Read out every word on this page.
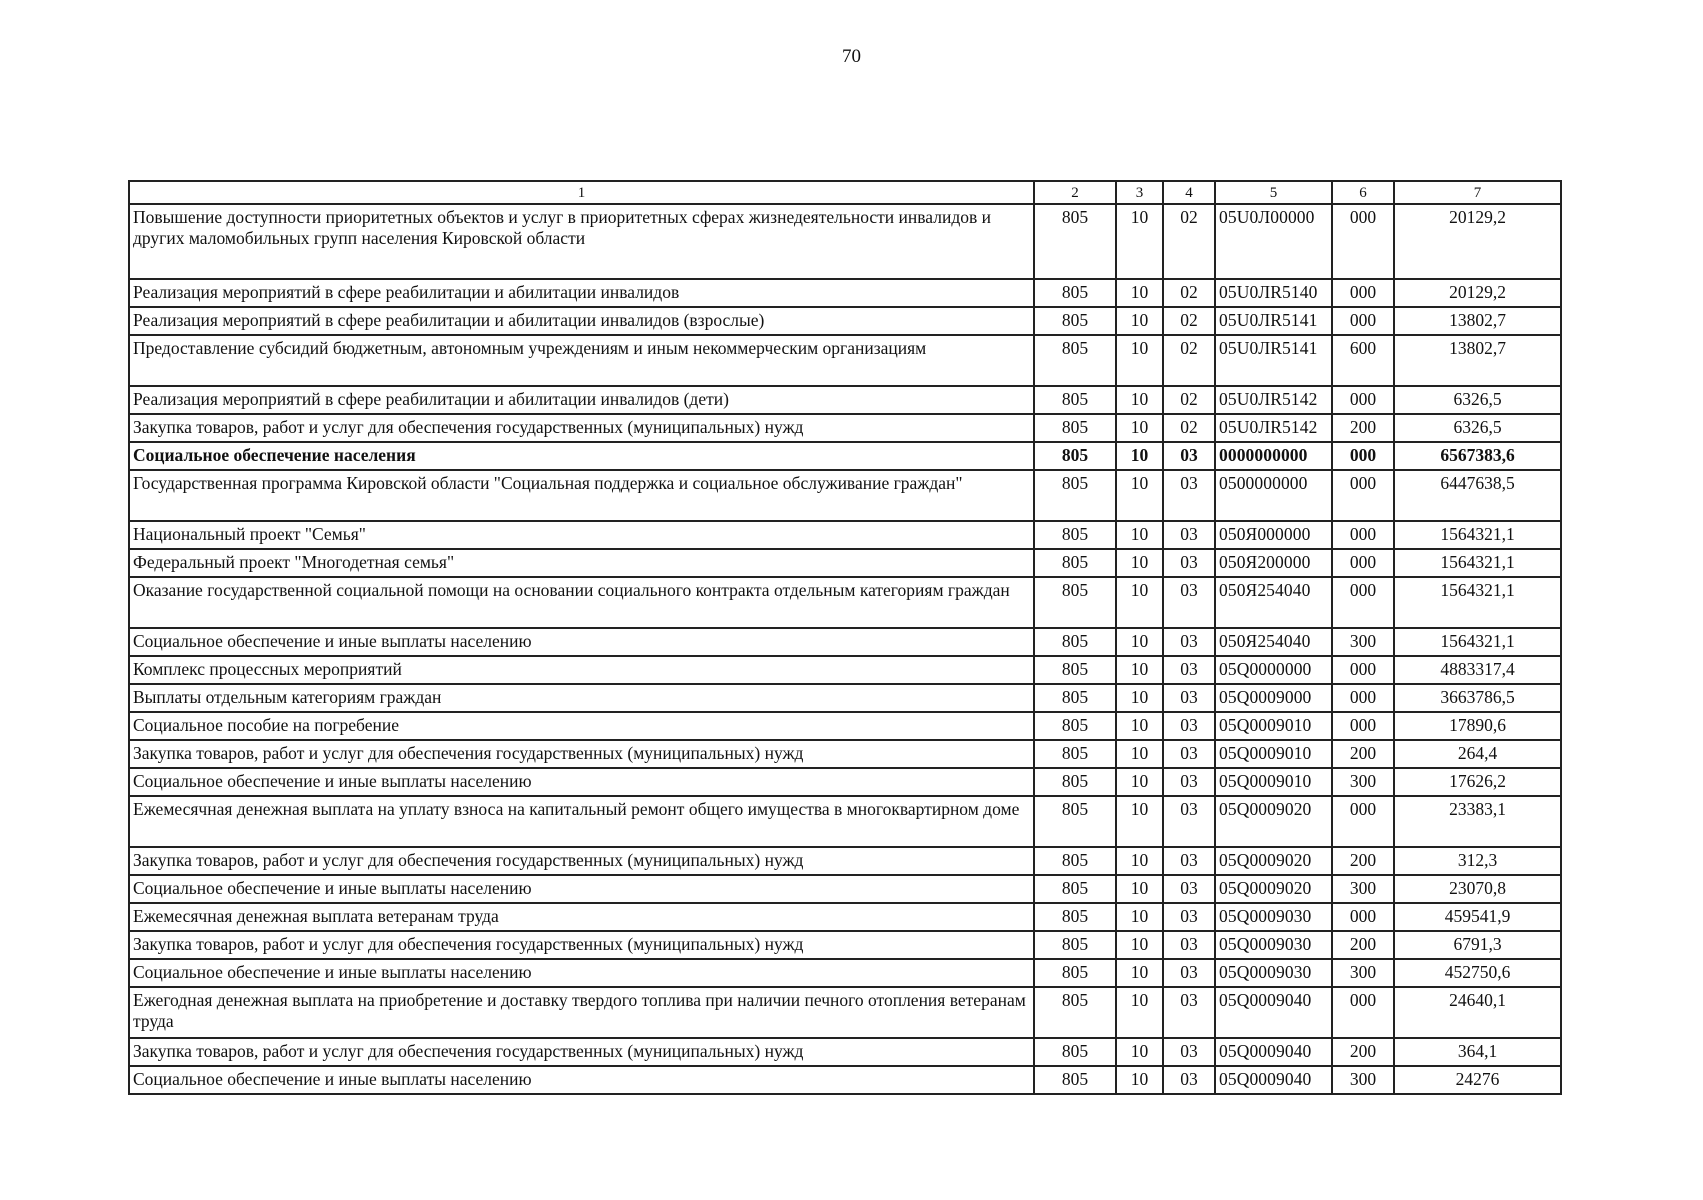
70
1	2	3	4	5	6	7
Повышение доступности приоритетных объектов и услуг в приоритетных сферах жизнедеятельности инвалидов и других маломобильных групп населения Кировской области	805	10	02	05U0Л00000	000	20129,2
Реализация мероприятий в сфере реабилитации и абилитации инвалидов	805	10	02	05U0ЛR5140	000	20129,2
Реализация мероприятий в сфере реабилитации и абилитации инвалидов (взрослые)	805	10	02	05U0ЛR5141	000	13802,7
Предоставление субсидий бюджетным, автономным учреждениям и иным некоммерческим организациям	805	10	02	05U0ЛR5141	600	13802,7
Реализация мероприятий в сфере реабилитации и абилитации инвалидов (дети)	805	10	02	05U0ЛR5142	000	6326,5
Закупка товаров, работ и услуг для обеспечения государственных (муниципальных) нужд	805	10	02	05U0ЛR5142	200	6326,5
Социальное обеспечение населения	805	10	03	0000000000	000	6567383,6
Государственная программа Кировской области "Социальная поддержка и социальное обслуживание граждан"	805	10	03	0500000000	000	6447638,5
Национальный проект "Семья"	805	10	03	050Я000000	000	1564321,1
Федеральный проект "Многодетная семья"	805	10	03	050Я200000	000	1564321,1
Оказание государственной социальной помощи на основании социального контракта отдельным категориям граждан	805	10	03	050Я254040	000	1564321,1
Социальное обеспечение и иные выплаты населению	805	10	03	050Я254040	300	1564321,1
Комплекс процессных мероприятий	805	10	03	05Q0000000	000	4883317,4
Выплаты отдельным категориям граждан	805	10	03	05Q0009000	000	3663786,5
Социальное пособие на погребение	805	10	03	05Q0009010	000	17890,6
Закупка товаров, работ и услуг для обеспечения государственных (муниципальных) нужд	805	10	03	05Q0009010	200	264,4
Социальное обеспечение и иные выплаты населению	805	10	03	05Q0009010	300	17626,2
Ежемесячная денежная выплата на уплату взноса на капитальный ремонт общего имущества в многоквартирном доме	805	10	03	05Q0009020	000	23383,1
Закупка товаров, работ и услуг для обеспечения государственных (муниципальных) нужд	805	10	03	05Q0009020	200	312,3
Социальное обеспечение и иные выплаты населению	805	10	03	05Q0009020	300	23070,8
Ежемесячная денежная выплата ветеранам труда	805	10	03	05Q0009030	000	459541,9
Закупка товаров, работ и услуг для обеспечения государственных (муниципальных) нужд	805	10	03	05Q0009030	200	6791,3
Социальное обеспечение и иные выплаты населению	805	10	03	05Q0009030	300	452750,6
Ежегодная денежная выплата на приобретение и доставку твердого топлива при наличии печного отопления ветеранам труда	805	10	03	05Q0009040	000	24640,1
Закупка товаров, работ и услуг для обеспечения государственных (муниципальных) нужд	805	10	03	05Q0009040	200	364,1
Социальное обеспечение и иные выплаты населению	805	10	03	05Q0009040	300	24276
